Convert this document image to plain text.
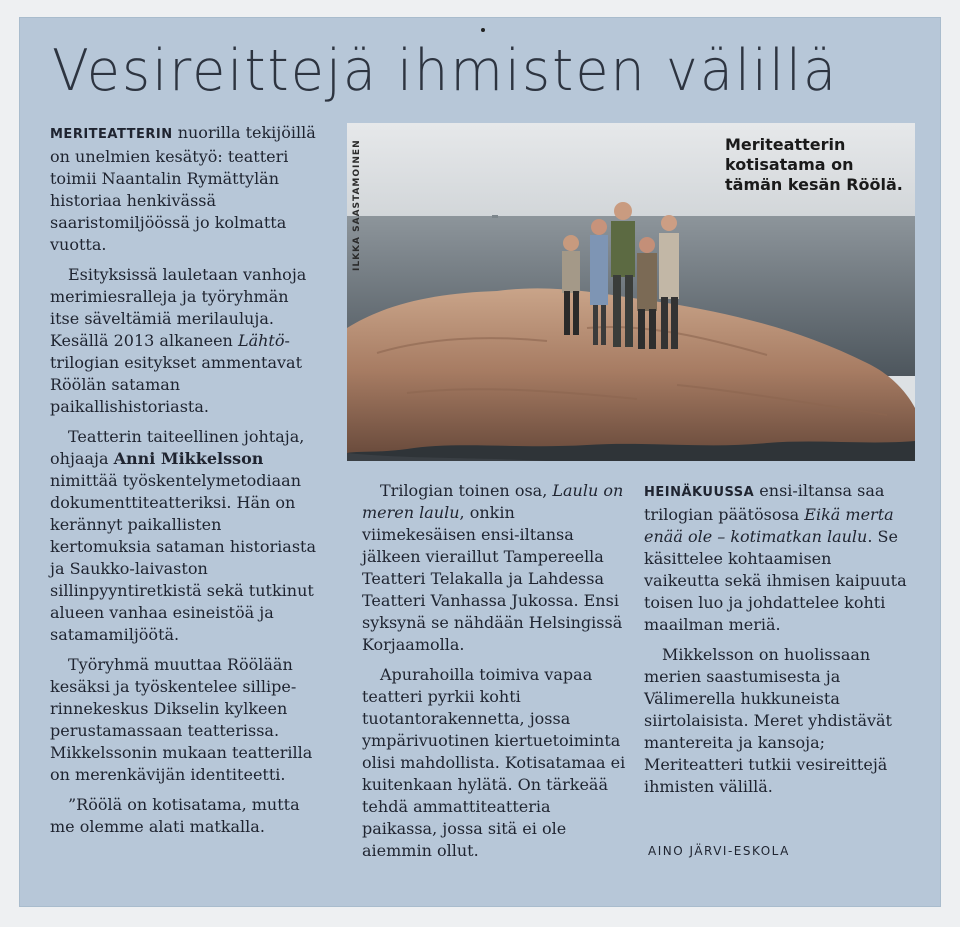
Vesireittejä ihmisten välillä

MERITEATTERIN nuorilla tekijöillä on unelmien kesätyö: teatteri toimii Naantalin Rymättylän historiaa henkivässä saaristomiljöössä jo kolmatta vuotta.

Esityksissä lauletaan vanhoja merimiesralleja ja työryhmän itse säveltämiä merilauluja. Kesällä 2013 alkaneen Lähtö-trilogian esitykset ammentavat Röölän sataman paikallishistoriasta.

Teatterin taiteellinen johtaja, ohjaaja Anni Mikkelsson nimittää työskentelymetodiaan dokumenttiteatteriksi. Hän on kerännyt paikallisten kertomuksia sataman historiasta ja Saukko-laivaston sillinpyyntiretkistä sekä tutkinut alueen vanhaa esineistöä ja satamamiljöötä.

Työryhmä muuttaa Röölään kesäksi ja työskentelee sillipe-rinnekeskus Dikselin kylkeen perustamassaan teatterissa. Mikkelssonin mukaan teatterilla on merenkävijän identiteetti.

”Röölä on kotisatama, mutta me olemme alati matkalla.

ILKKA SAASTAMOINEN	Meriteatterin kotisatama on tämän kesän Röölä.

Trilogian toinen osa, Laulu on meren laulu, onkin viimekesäisen ensi-iltansa jälkeen vieraillut Tampereella Teatteri Telakalla ja Lahdessa Teatteri Vanhassa Jukossa. Ensi syksynä se nähdään Helsingissä Korjaamolla.

Apurahoilla toimiva vapaa teatteri pyrkii kohti tuotantorakennetta, jossa ympärivuotinen kiertuetoiminta olisi mahdollista. Kotisatamaa ei kuitenkaan hylätä. On tärkeää tehdä ammattiteatteria paikassa, jossa sitä ei ole aiemmin ollut.

HEINÄKUUSSA ensi-iltansa saa trilogian päätösosa Eikä merta enää ole – kotimatkan laulu. Se käsittelee kohtaamisen vaikeutta sekä ihmisen kaipuuta toisen luo ja johdattelee kohti maailman meriä.

Mikkelsson on huolissaan merien saastumisesta ja Välimerella hukkuneista siirtolaisista. Meret yhdistävät mantereita ja kansoja; Meriteatteri tutkii vesireittejä ihmisten välillä.

AINO JÄRVI-ESKOLA
